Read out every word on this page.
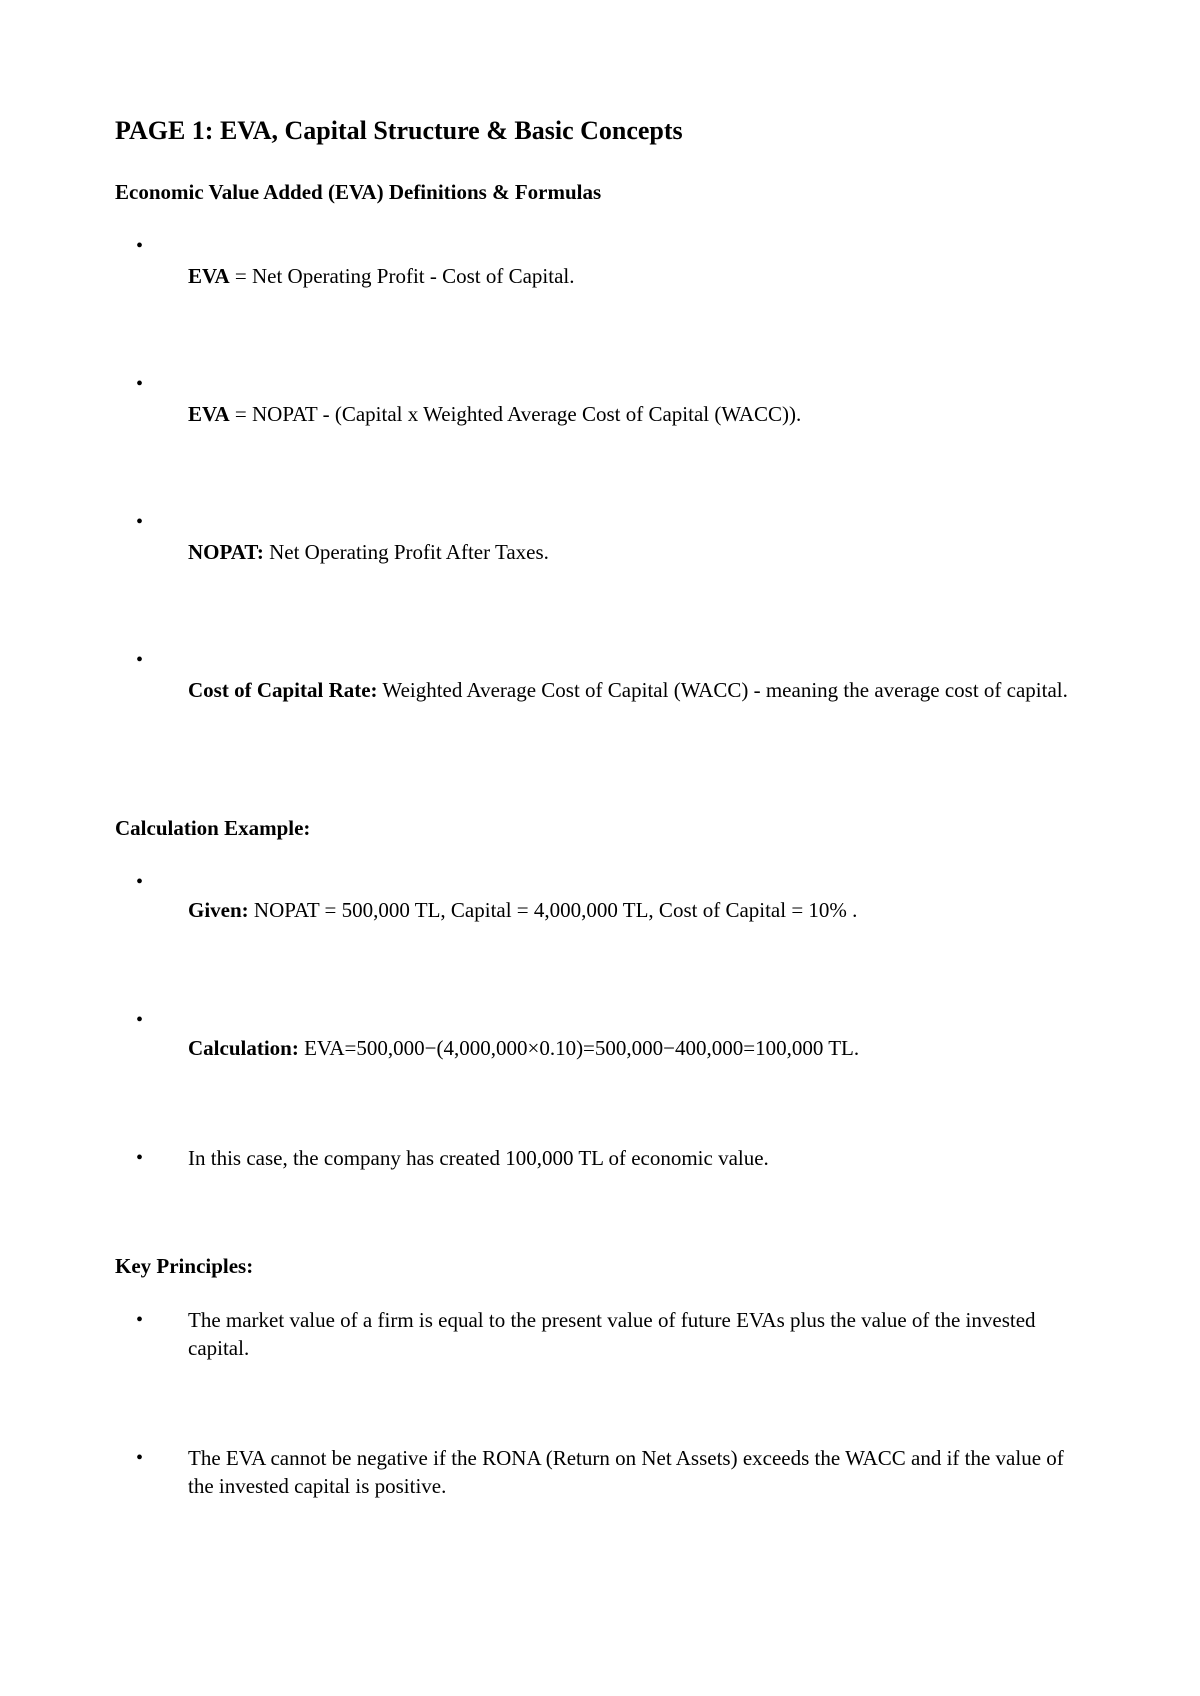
PAGE 1: EVA, Capital Structure & Basic Concepts
Economic Value Added (EVA) Definitions & Formulas
•

EVA = Net Operating Profit - Cost of Capital.

•

EVA = NOPAT - (Capital x Weighted Average Cost of Capital (WACC)).

•

NOPAT: Net Operating Profit After Taxes.

•

Cost of Capital Rate: Weighted Average Cost of Capital (WACC) - meaning the average cost of capital.

Calculation Example:
•

Given: NOPAT = 500,000 TL, Capital = 4,000,000 TL, Cost of Capital = 10% .

•

Calculation: EVA=500,000−(4,000,000×0.10)=500,000−400,000=100,000 TL.

• In this case, the company has created 100,000 TL of economic value.

Key Principles:
• The market value of a firm is equal to the present value of future EVAs plus the value of the invested capital.

• The EVA cannot be negative if the RONA (Return on Net Assets) exceeds the WACC and if the value of the invested capital is positive.
